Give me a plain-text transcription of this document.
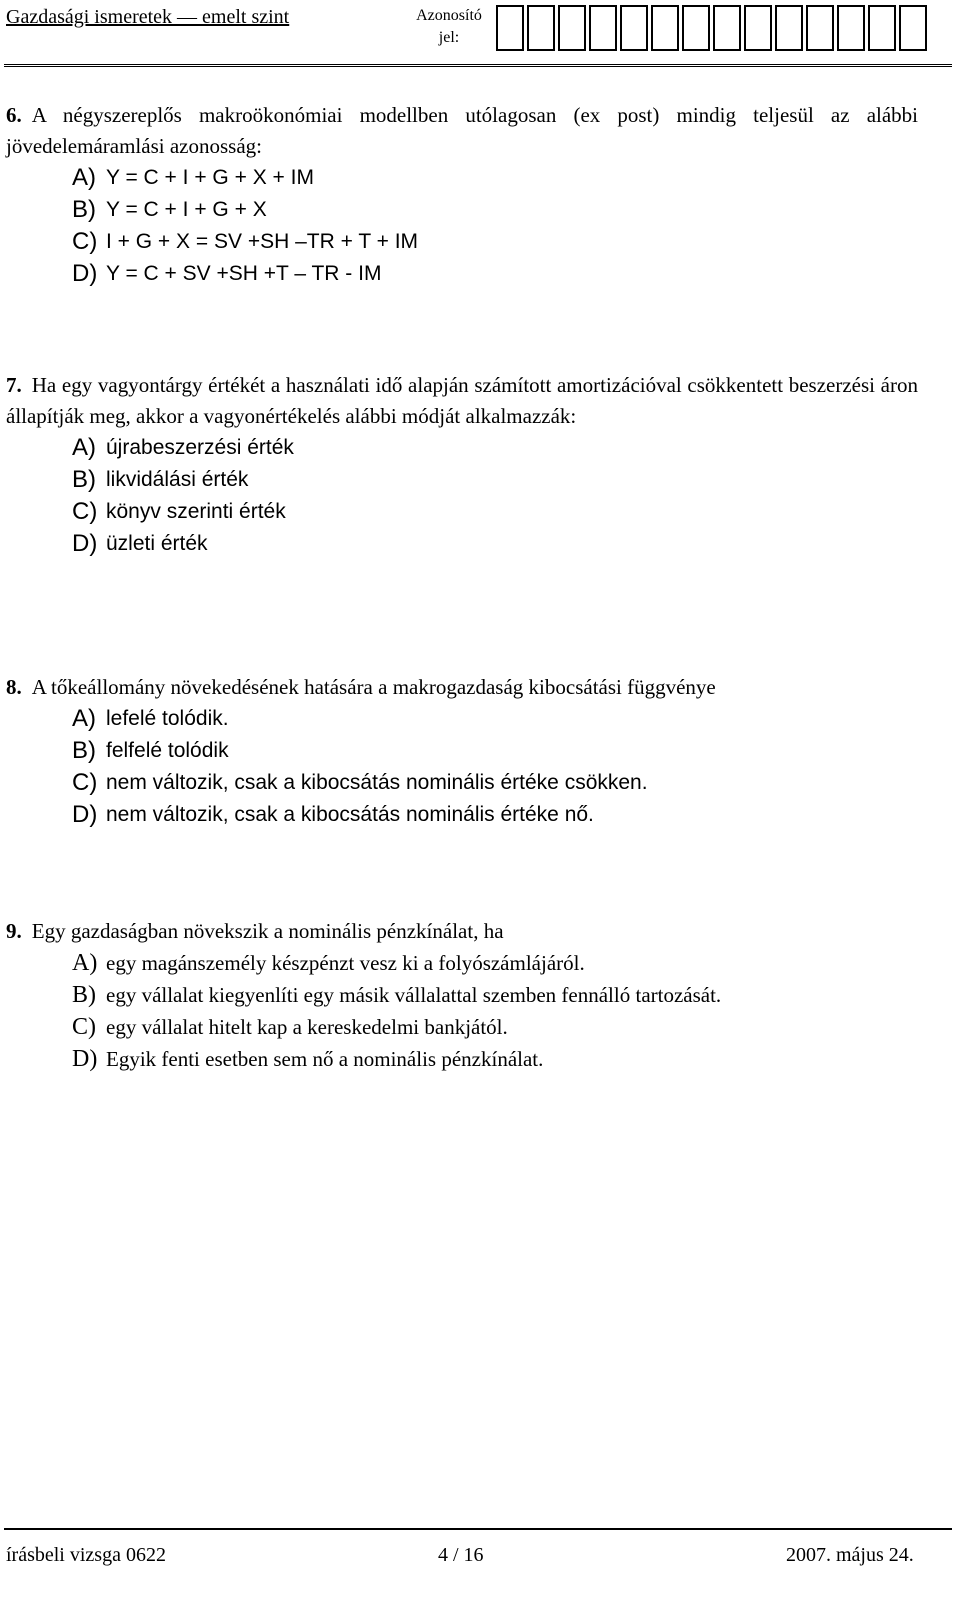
Gazdasági ismeretek — emelt szint	Azonosító
jel:
6. A négyszereplős makroökonómiai modellben utólagosan (ex post) mindig teljesül az alábbi jövedelemáramlási azonosság:
A) Y = C + I + G + X + IM
B) Y = C + I + G + X
C) I + G + X = SV +SH –TR + T + IM
D) Y = C + SV +SH +T – TR - IM
7. Ha egy vagyontárgy értékét a használati idő alapján számított amortizációval csökkentett beszerzési áron állapítják meg, akkor a vagyonértékelés alábbi módját alkalmazzák:
A) újrabeszerzési érték
B) likvidálási érték
C) könyv szerinti érték
D) üzleti érték
8. A tőkeállomány növekedésének hatására a makrogazdaság kibocsátási függvénye
A) lefelé tolódik.
B) felfelé tolódik
C) nem változik, csak a kibocsátás nominális értéke csökken.
D) nem változik, csak a kibocsátás nominális értéke nő.
9. Egy gazdaságban növekszik a nominális pénzkínálat, ha
A) egy magánszemély készpénzt vesz ki a folyószámlájáról.
B) egy vállalat kiegyenlíti egy másik vállalattal szemben fennálló tartozását.
C) egy vállalat hitelt kap a kereskedelmi bankjától.
D) Egyik fenti esetben sem nő a nominális pénzkínálat.
írásbeli vizsga 0622	4 / 16	2007. május 24.
